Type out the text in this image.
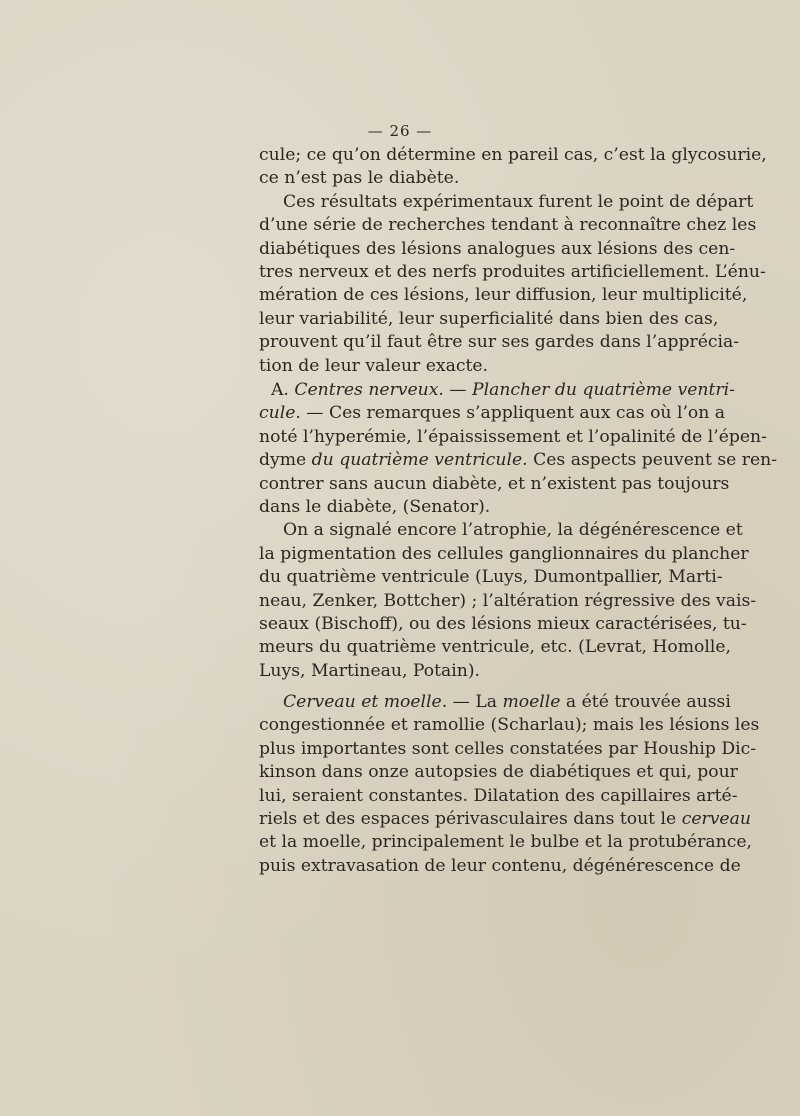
— 26 —
cule; ce qu’on détermine en pareil cas, c’est la glycosurie,
ce n’est pas le diabète.
Ces résultats expérimentaux furent le point de départ
d’une série de recherches tendant à reconnaître chez les
diabétiques des lésions analogues aux lésions des cen-
tres nerveux et des nerfs produites artificiellement. L’énu-
mération de ces lésions, leur diffusion, leur multiplicité,
leur variabilité, leur superficialité dans bien des cas,
prouvent qu’il faut être sur ses gardes dans l’apprécia-
tion de leur valeur exacte.
A. Centres nerveux. — Plancher du quatrième ventri-
cule. — Ces remarques s’appliquent aux cas où l’on a
noté l’hyperémie, l’épaississement et l’opalinité de l’épen-
dyme du quatrième ventricule. Ces aspects peuvent se ren-
contrer sans aucun diabète, et n’existent pas toujours
dans le diabète, (Senator).
On a signalé encore l’atrophie, la dégénérescence et
la pigmentation des cellules ganglionnaires du plancher
du quatrième ventricule (Luys, Dumontpallier, Marti-
neau, Zenker, Bottcher) ; l’altération régressive des vais-
seaux (Bischoff), ou des lésions mieux caractérisées, tu-
meurs du quatrième ventricule, etc. (Levrat, Homolle,
Luys, Martineau, Potain).
Cerveau et moelle. — La moelle a été trouvée aussi
congestionnée et ramollie (Scharlau); mais les lésions les
plus importantes sont celles constatées par Houship Dic-
kinson dans onze autopsies de diabétiques et qui, pour
lui, seraient constantes. Dilatation des capillaires arté-
riels et des espaces périvasculaires dans tout le cerveau
et la moelle, principalement le bulbe et la protubérance,
puis extravasation de leur contenu, dégénérescence de
